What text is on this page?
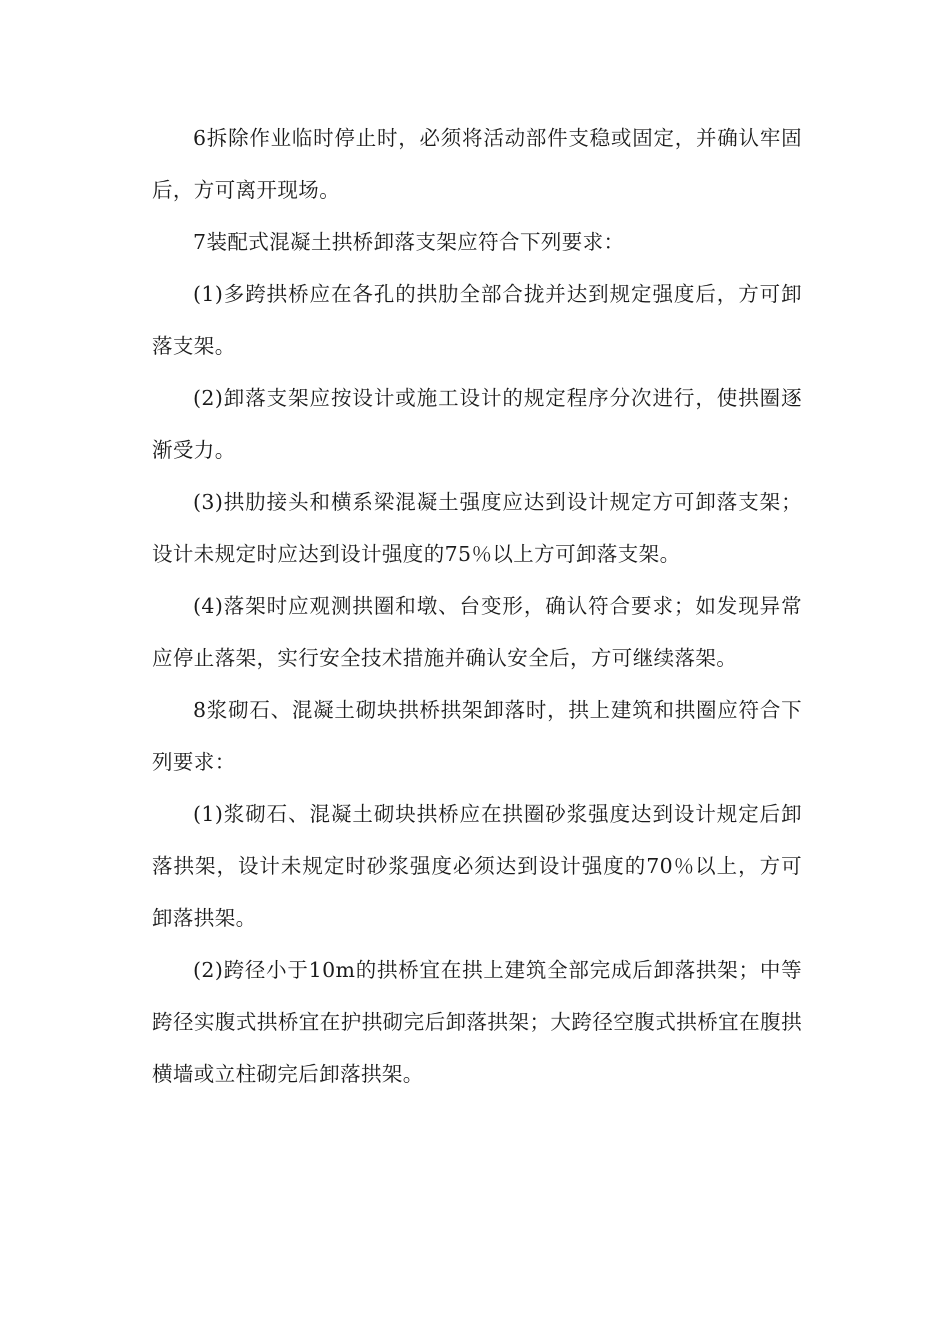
6拆除作业临时停止时，必须将活动部件支稳或固定，并确认牢固后，方可离开现场。

7装配式混凝土拱桥卸落支架应符合下列要求：

(1)多跨拱桥应在各孔的拱肋全部合拢并达到规定强度后，方可卸落支架。

(2)卸落支架应按设计或施工设计的规定程序分次进行，使拱圈逐渐受力。

(3)拱肋接头和横系梁混凝土强度应达到设计规定方可卸落支架；设计未规定时应达到设计强度的75％以上方可卸落支架。

(4)落架时应观测拱圈和墩、台变形，确认符合要求；如发现异常应停止落架，实行安全技术措施并确认安全后，方可继续落架。

8浆砌石、混凝土砌块拱桥拱架卸落时，拱上建筑和拱圈应符合下列要求：

(1)浆砌石、混凝土砌块拱桥应在拱圈砂浆强度达到设计规定后卸落拱架，设计未规定时砂浆强度必须达到设计强度的70％以上，方可卸落拱架。

(2)跨径小于10m的拱桥宜在拱上建筑全部完成后卸落拱架；中等跨径实腹式拱桥宜在护拱砌完后卸落拱架；大跨径空腹式拱桥宜在腹拱横墙或立柱砌完后卸落拱架。
